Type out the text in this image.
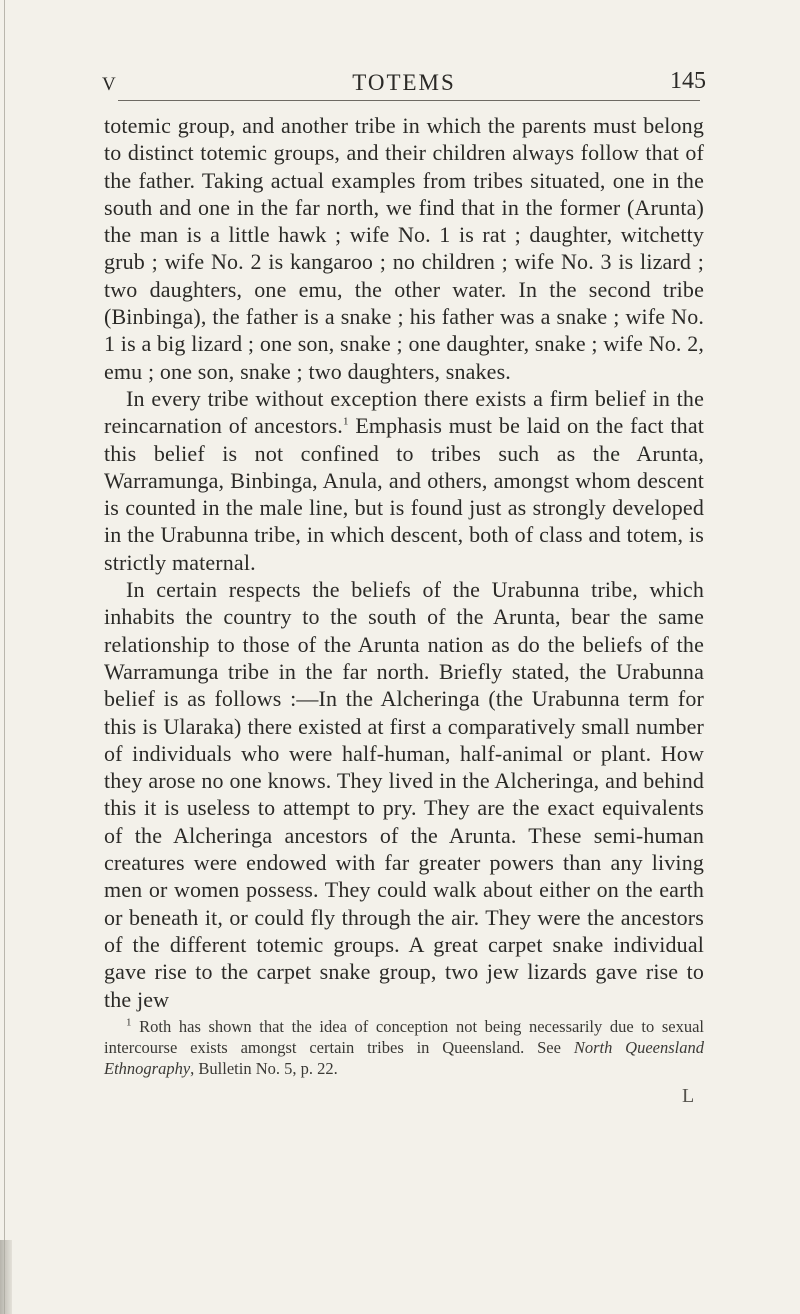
V	TOTEMS	145

totemic group, and another tribe in which the parents must belong to distinct totemic groups, and their children always follow that of the father. Taking actual examples from tribes situated, one in the south and one in the far north, we find that in the former (Arunta) the man is a little hawk ; wife No. 1 is rat ; daughter, witchetty grub ; wife No. 2 is kangaroo ; no children ; wife No. 3 is lizard ; two daughters, one emu, the other water. In the second tribe (Binbinga), the father is a snake ; his father was a snake ; wife No. 1 is a big lizard ; one son, snake ; one daughter, snake ; wife No. 2, emu ; one son, snake ; two daughters, snakes.

In every tribe without exception there exists a firm belief in the reincarnation of ancestors.$^1$ Emphasis must be laid on the fact that this belief is not confined to tribes such as the Arunta, Warramunga, Binbinga, Anula, and others, amongst whom descent is counted in the male line, but is found just as strongly developed in the Urabunna tribe, in which descent, both of class and totem, is strictly maternal.

In certain respects the beliefs of the Urabunna tribe, which inhabits the country to the south of the Arunta, bear the same relationship to those of the Arunta nation as do the beliefs of the Warramunga tribe in the far north. Briefly stated, the Urabunna belief is as follows :—In the Alcheringa (the Urabunna term for this is Ularaka) there existed at first a comparatively small number of individuals who were half-human, half-animal or plant. How they arose no one knows. They lived in the Alcheringa, and behind this it is useless to attempt to pry. They are the exact equivalents of the Alcheringa ancestors of the Arunta. These semi-human creatures were endowed with far greater powers than any living men or women possess. They could walk about either on the earth or beneath it, or could fly through the air. They were the ancestors of the different totemic groups. A great carpet snake individual gave rise to the carpet snake group, two jew lizards gave rise to the jew

$^1$ Roth has shown that the idea of conception not being necessarily due to sexual intercourse exists amongst certain tribes in Queensland. See North Queensland Ethnography, Bulletin No. 5, p. 22.

L
